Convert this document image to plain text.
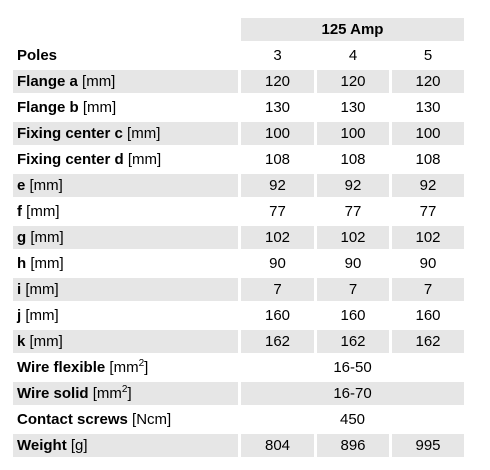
	125 Amp		
Poles	3	4	5
Flange a [mm]	120	120	120
Flange b [mm]	130	130	130
Fixing center c [mm]	100	100	100
Fixing center d [mm]	108	108	108
e [mm]	92	92	92
f [mm]	77	77	77
g [mm]	102	102	102
h [mm]	90	90	90
i [mm]	7	7	7
j [mm]	160	160	160
k [mm]	162	162	162
Wire flexible $[mm^2]$	16-50		
Wire solid $[mm^2]$	16-70		
Contact screws [Ncm]	450		
Weight [g]	804	896	995
